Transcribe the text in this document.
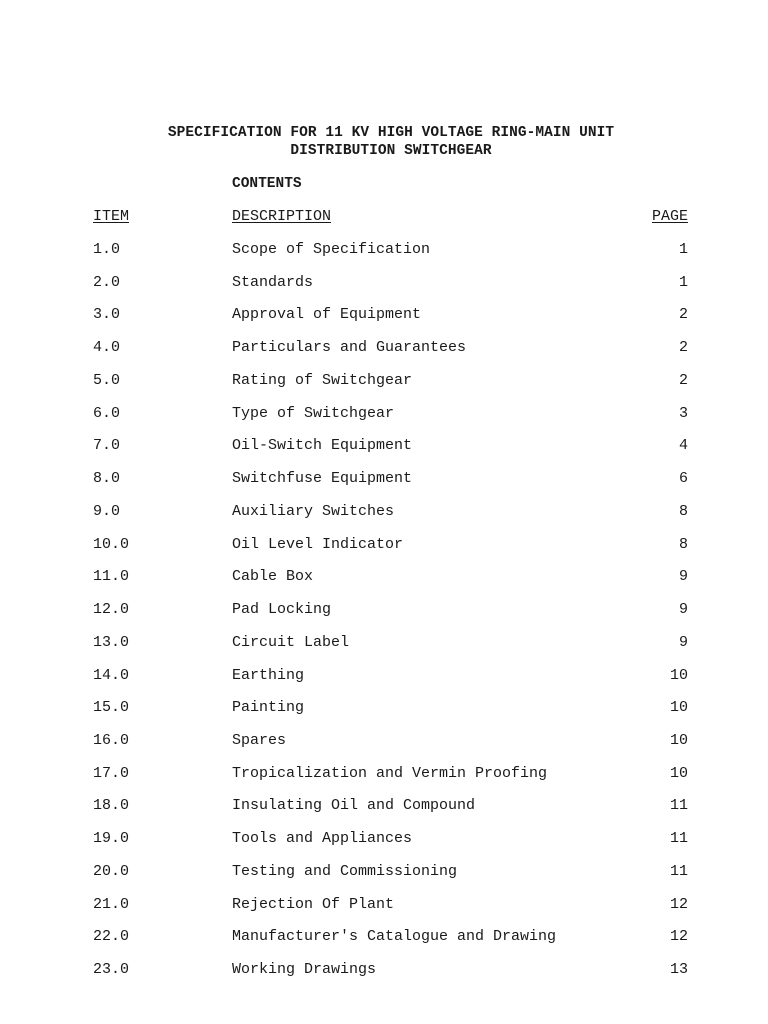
SPECIFICATION FOR 11 KV HIGH VOLTAGE RING-MAIN UNIT
DISTRIBUTION SWITCHGEAR
CONTENTS
ITEM	DESCRIPTION	PAGE
1.0	Scope of Specification	1
2.0	Standards	1
3.0	Approval of Equipment	2
4.0	Particulars and Guarantees	2
5.0	Rating of Switchgear	2
6.0	Type of Switchgear	3
7.0	Oil-Switch Equipment	4
8.0	Switchfuse Equipment	6
9.0	Auxiliary Switches	8
10.0	Oil Level Indicator	8
11.0	Cable Box	9
12.0	Pad Locking	9
13.0	Circuit Label	9
14.0	Earthing	10
15.0	Painting	10
16.0	Spares	10
17.0	Tropicalization and Vermin Proofing	10
18.0	Insulating Oil and Compound	11
19.0	Tools and Appliances	11
20.0	Testing and Commissioning	11
21.0	Rejection Of Plant	12
22.0	Manufacturer's Catalogue and Drawing	12
23.0	Working Drawings	13
